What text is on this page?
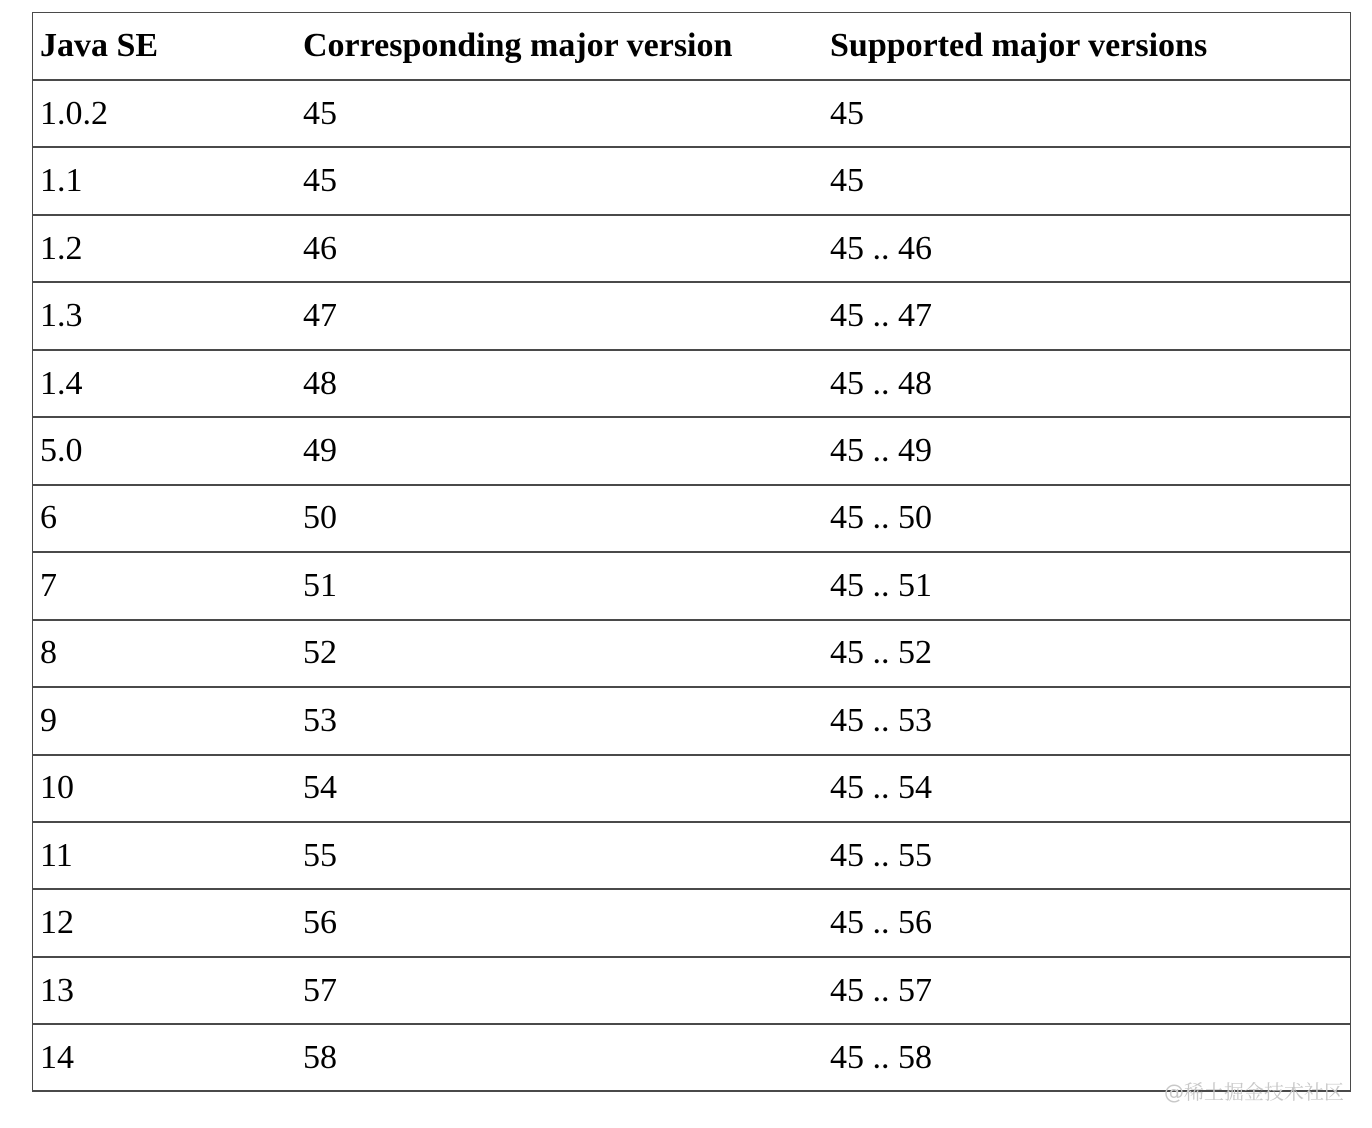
Java SE	Corresponding major version	Supported major versions
1.0.2	45	45
1.1	45	45
1.2	46	45 .. 46
1.3	47	45 .. 47
1.4	48	45 .. 48
5.0	49	45 .. 49
6	50	45 .. 50
7	51	45 .. 51
8	52	45 .. 52
9	53	45 .. 53
10	54	45 .. 54
11	55	45 .. 55
12	56	45 .. 56
13	57	45 .. 57
14	58	45 .. 58
@稀土掘金技术社区
